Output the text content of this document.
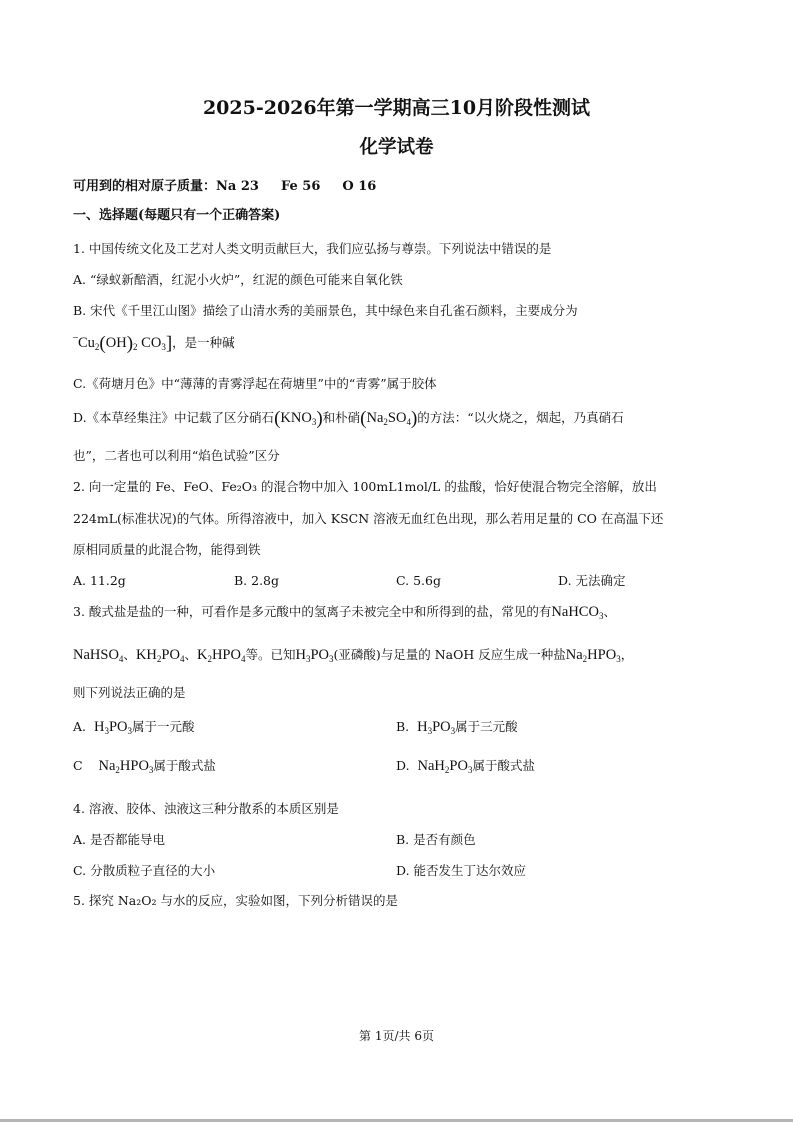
2025-2026年第一学期高三10月阶段性测试
化学试卷
可用到的相对原子质量：Na 23 Fe 56 O 16
一、选择题(每题只有一个正确答案)
1. 中国传统文化及工艺对人类文明贡献巨大，我们应弘扬与尊崇。下列说法中错误的是
A. “绿蚁新醅酒，红泥小火炉”，红泥的颜色可能来自氧化铁
B. 宋代《千里江山图》描绘了山清水秀的美丽景色，其中绿色来自孔雀石颜料，主要成分为
$^-Cu_2(OH)_2$ $CO_3$]，是一种碱
C.《荷塘月色》中“薄薄的青雾浮起在荷塘里”中的“青雾”属于胶体
D.《本草经集注》中记载了区分硝石$(KNO_3)$和朴硝$(Na_2SO_4)$的方法：“以火烧之，烟起，乃真硝石
也”，二者也可以利用“焰色试验”区分
2. 向一定量的 Fe、FeO、Fe₂O₃ 的混合物中加入 100mL1mol/L 的盐酸，恰好使混合物完全溶解，放出
224mL(标准状况)的气体。所得溶液中，加入 KSCN 溶液无血红色出现，那么若用足量的 CO 在高温下还
原相同质量的此混合物，能得到铁
A. 11.2g	B. 2.8g	C. 5.6g	D. 无法确定
3. 酸式盐是盐的一种，可看作是多元酸中的氢离子未被完全中和所得到的盐，常见的有NaHCO$_3$、
NaHSO$_4$、$KH_2PO_4$、$K_2HPO_4$等。已知$H_3PO_3$(亚磷酸)与足量的 NaOH 反应生成一种盐$Na_2HPO_3$，
则下列说法正确的是
A. $H_3PO_3$属于一元酸	B. $H_3PO_3$属于三元酸
C $Na_2HPO_3$属于酸式盐	D. $NaH_2PO_3$属于酸式盐
4. 溶液、胶体、浊液这三种分散系的本质区别是
A. 是否都能导电	B. 是否有颜色
C. 分散质粒子直径的大小	D. 能否发生丁达尔效应
5. 探究 Na₂O₂ 与水的反应，实验如图，下列分析错误的是
第 1页/共 6页
